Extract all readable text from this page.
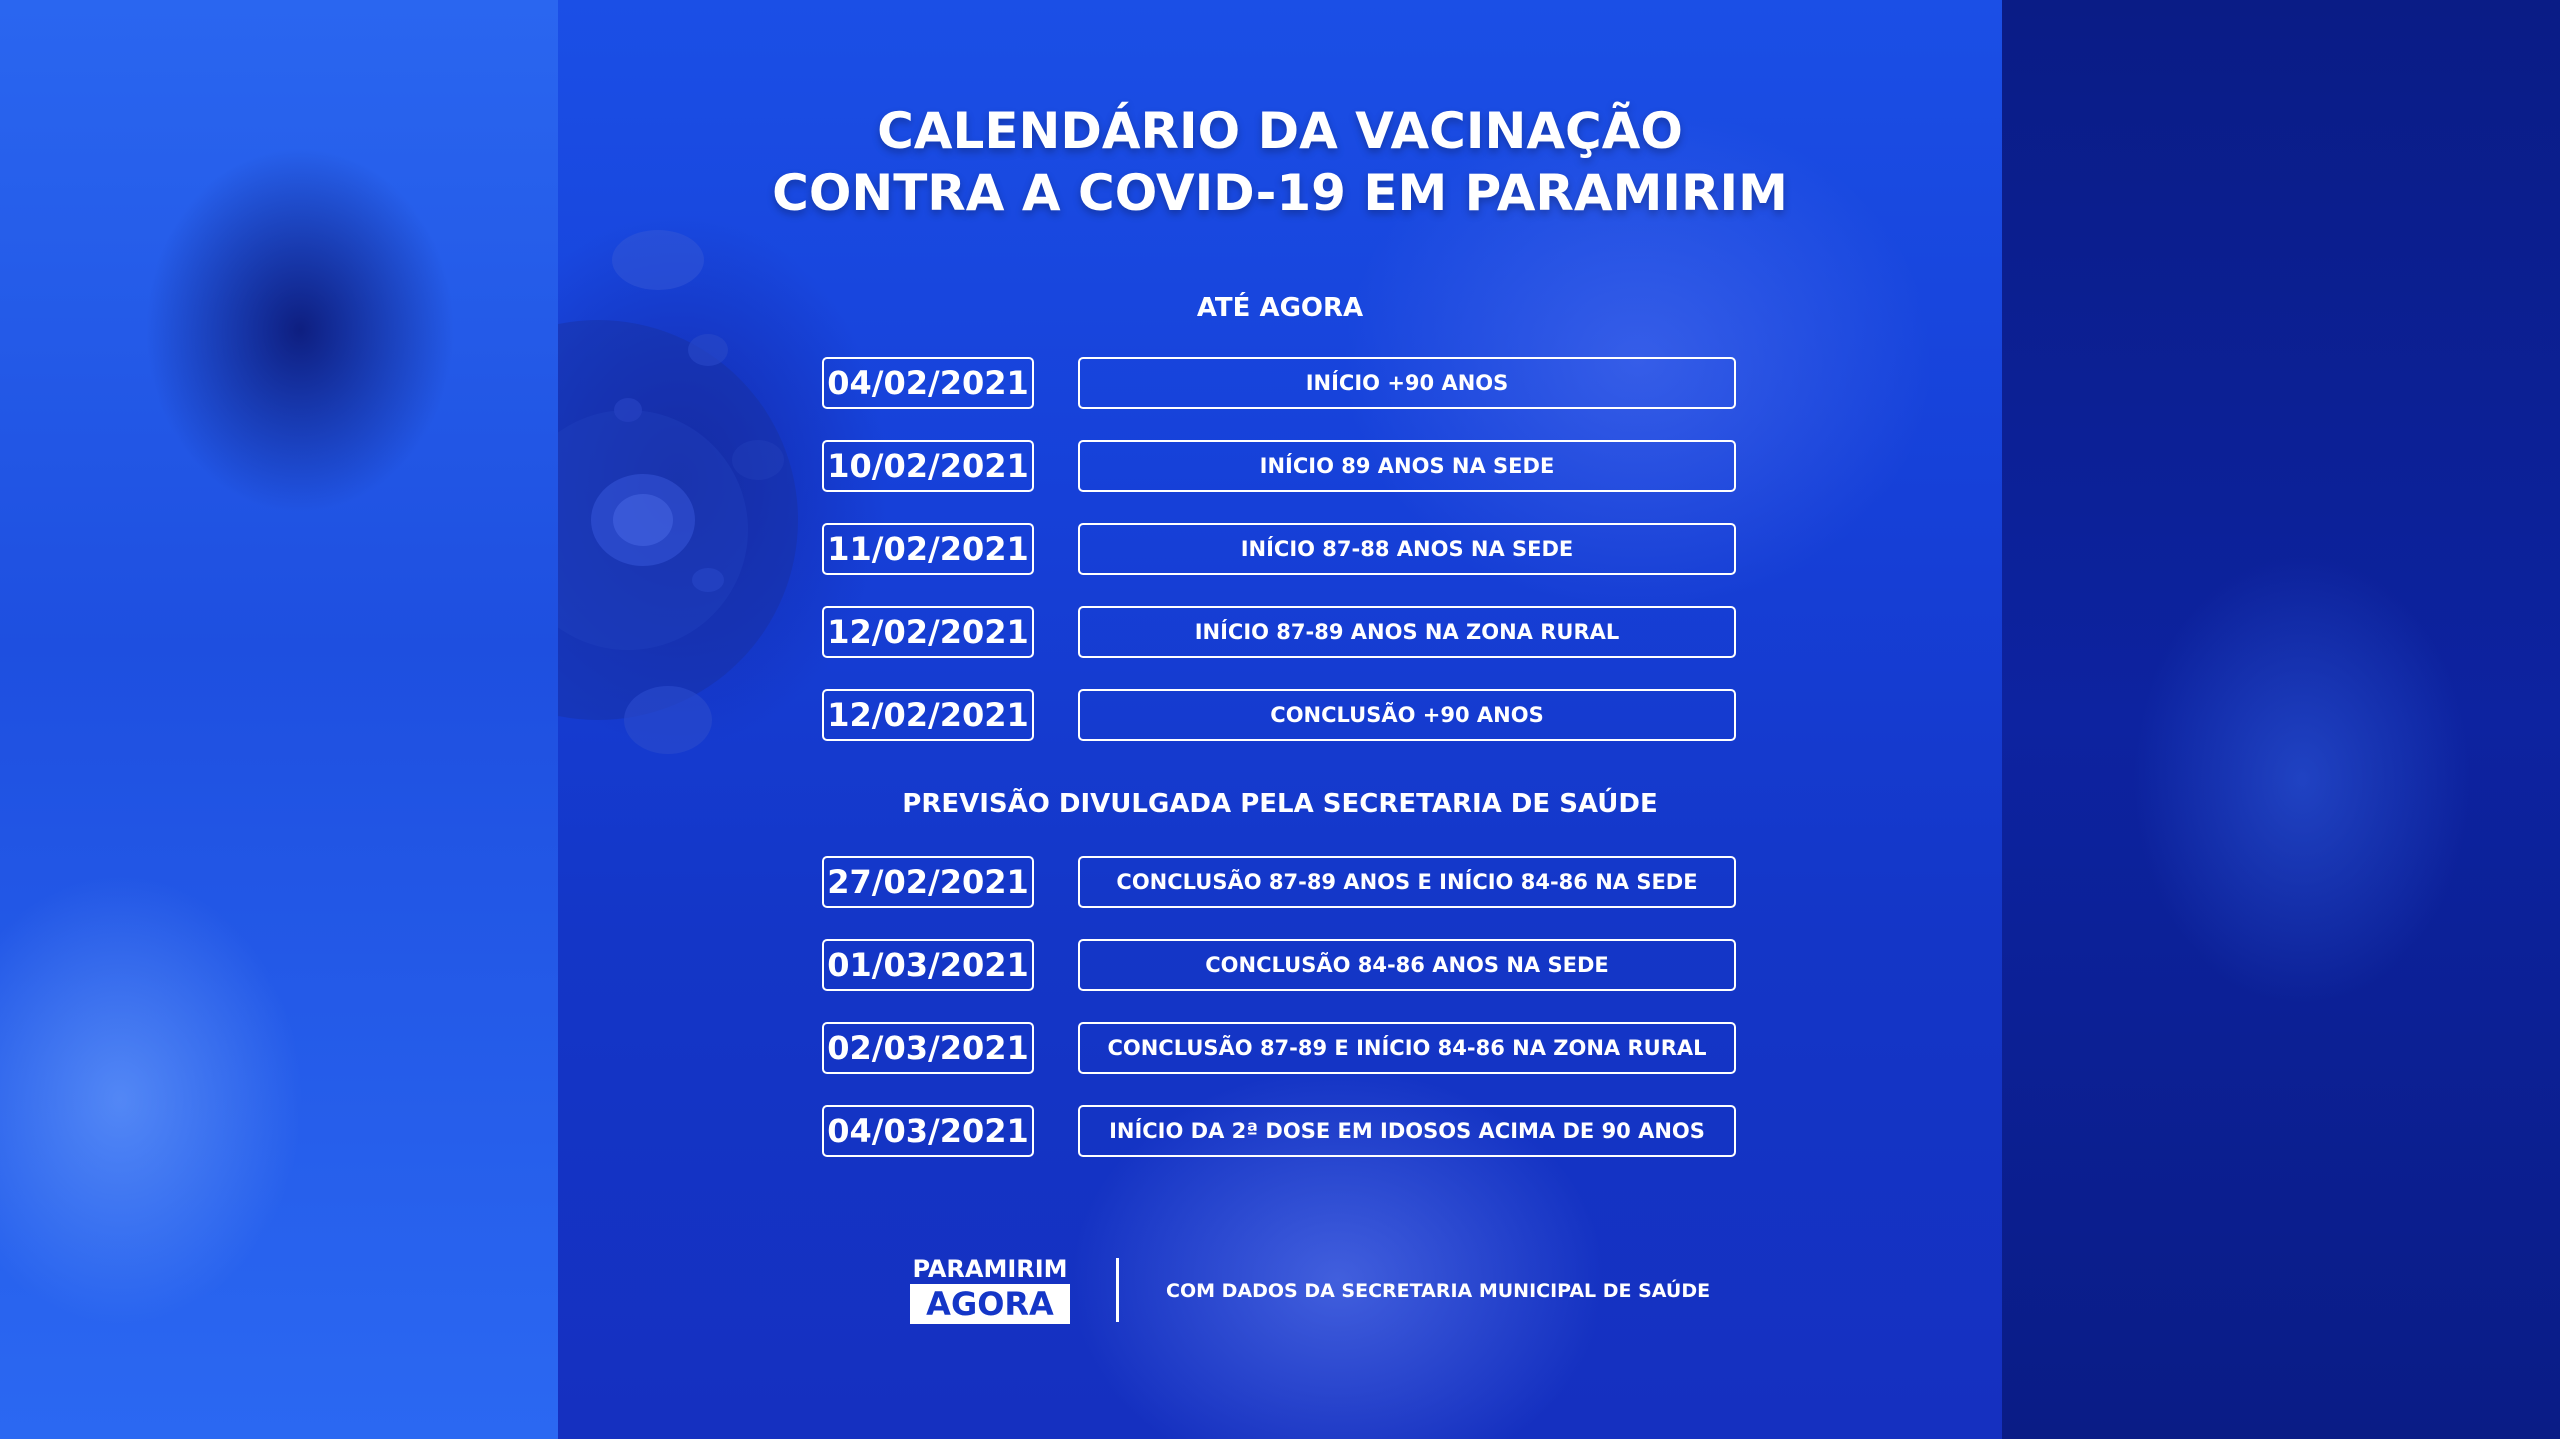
CALENDÁRIO DA VACINAÇÃO
CONTRA A COVID-19 EM PARAMIRIM
ATÉ AGORA
04/02/2021	INÍCIO +90 ANOS
10/02/2021	INÍCIO 89 ANOS NA SEDE
11/02/2021	INÍCIO 87-88 ANOS NA SEDE
12/02/2021	INÍCIO 87-89 ANOS NA ZONA RURAL
12/02/2021	CONCLUSÃO +90 ANOS
PREVISÃO DIVULGADA PELA SECRETARIA DE SAÚDE
27/02/2021	CONCLUSÃO 87-89 ANOS E INÍCIO 84-86 NA SEDE
01/03/2021	CONCLUSÃO 84-86 ANOS NA SEDE
02/03/2021	CONCLUSÃO 87-89 E INÍCIO 84-86 NA ZONA RURAL
04/03/2021	INÍCIO DA 2ª DOSE EM IDOSOS ACIMA DE 90 ANOS
PARAMIRIM
AGORA	COM DADOS DA SECRETARIA MUNICIPAL DE SAÚDE
